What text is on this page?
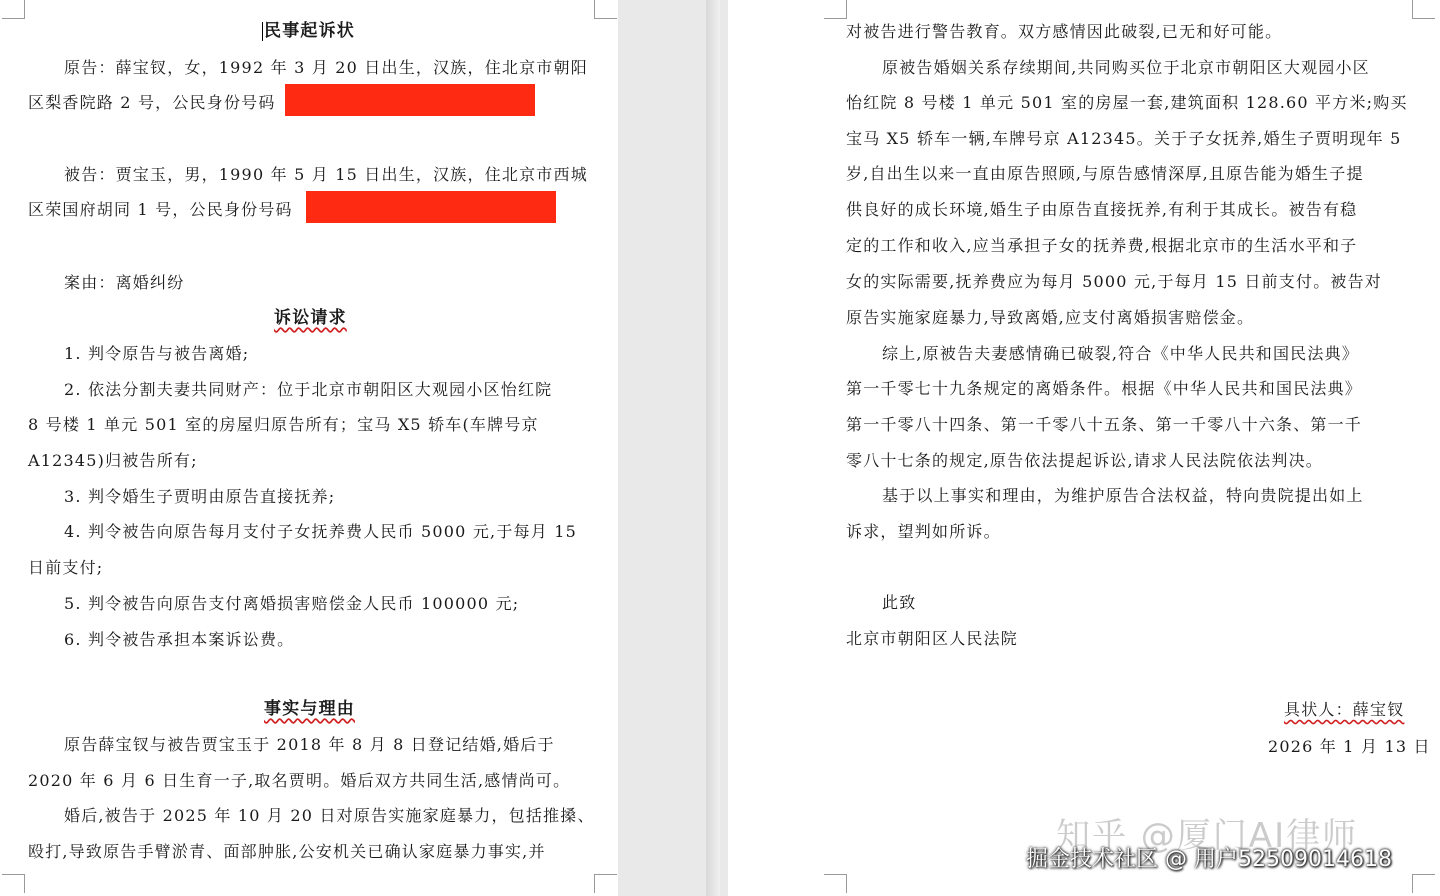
民事起诉状
原告：薛宝钗，女，1992 年 3 月 20 日出生，汉族，住北京市朝阳
区梨香院路 2 号，公民身份号码
被告：贾宝玉，男，1990 年 5 月 15 日出生，汉族，住北京市西城
区荣国府胡同 1 号，公民身份号码
案由：离婚纠纷
诉讼请求
1. 判令原告与被告离婚;
2. 依法分割夫妻共同财产：位于北京市朝阳区大观园小区怡红院
8 号楼 1 单元 501 室的房屋归原告所有；宝马 X5 轿车(车牌号京
A12345)归被告所有;
3. 判令婚生子贾明由原告直接抚养;
4. 判令被告向原告每月支付子女抚养费人民币 5000 元,于每月 15
日前支付;
5. 判令被告向原告支付离婚损害赔偿金人民币 100000 元;
6. 判令被告承担本案诉讼费。
事实与理由
原告薛宝钗与被告贾宝玉于 2018 年 8 月 8 日登记结婚,婚后于
2020 年 6 月 6 日生育一子,取名贾明。婚后双方共同生活,感情尚可。
婚后,被告于 2025 年 10 月 20 日对原告实施家庭暴力，包括推搡、
殴打,导致原告手臂淤青、面部肿胀,公安机关已确认家庭暴力事实,并
对被告进行警告教育。双方感情因此破裂,已无和好可能。
原被告婚姻关系存续期间,共同购买位于北京市朝阳区大观园小区
怡红院 8 号楼 1 单元 501 室的房屋一套,建筑面积 128.60 平方米;购买
宝马 X5 轿车一辆,车牌号京 A12345。关于子女抚养,婚生子贾明现年 5
岁,自出生以来一直由原告照顾,与原告感情深厚,且原告能为婚生子提
供良好的成长环境,婚生子由原告直接抚养,有利于其成长。被告有稳
定的工作和收入,应当承担子女的抚养费,根据北京市的生活水平和子
女的实际需要,抚养费应为每月 5000 元,于每月 15 日前支付。被告对
原告实施家庭暴力,导致离婚,应支付离婚损害赔偿金。
综上,原被告夫妻感情确已破裂,符合《中华人民共和国民法典》
第一千零七十九条规定的离婚条件。根据《中华人民共和国民法典》
第一千零八十四条、第一千零八十五条、第一千零八十六条、第一千
零八十七条的规定,原告依法提起诉讼,请求人民法院依法判决。
基于以上事实和理由，为维护原告合法权益，特向贵院提出如上
诉求，望判如所诉。
此致
北京市朝阳区人民法院
具状人：薛宝钗
2026 年 1 月 13 日
知乎 @厦门AI律师
掘金技术社区 @ 用户52509014618
